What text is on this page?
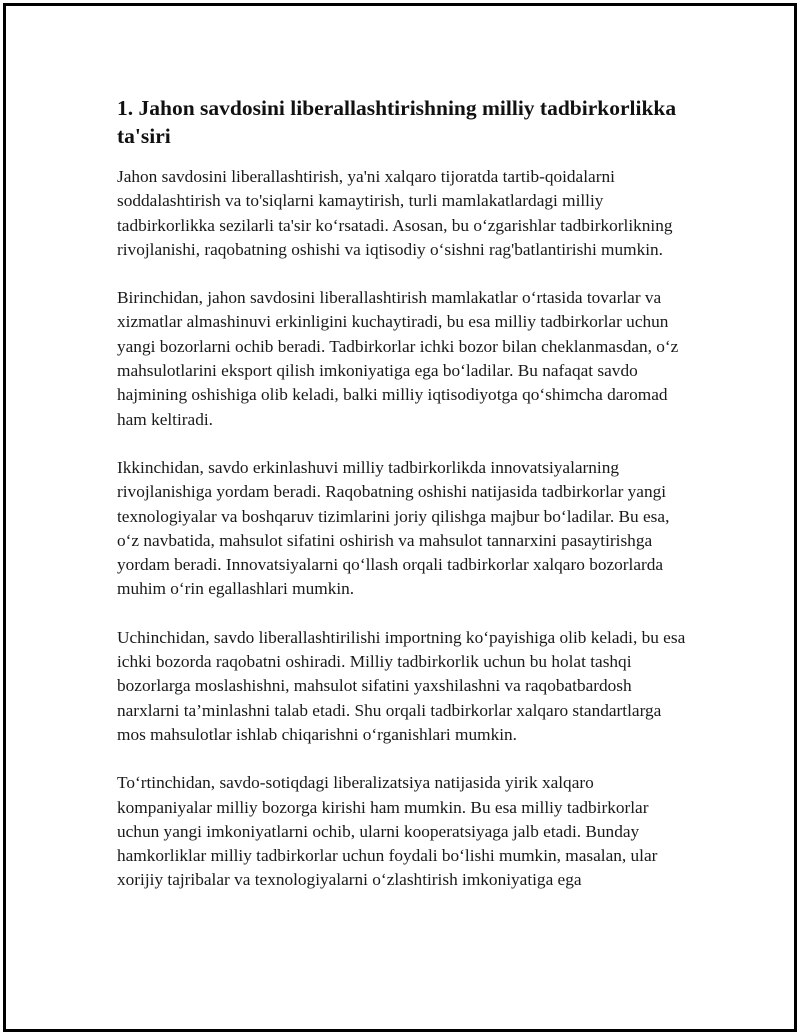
1. Jahon savdosini liberallashtirishning milliy tadbirkorlikka ta'siri

Jahon savdosini liberallashtirish, ya'ni xalqaro tijoratda tartib-qoidalarni soddalashtirish va to'siqlarni kamaytirish, turli mamlakatlardagi milliy tadbirkorlikka sezilarli ta'sir ko‘rsatadi. Asosan, bu o‘zgarishlar tadbirkorlikning rivojlanishi, raqobatning oshishi va iqtisodiy o‘sishni rag'batlantirishi mumkin.

Birinchidan, jahon savdosini liberallashtirish mamlakatlar o‘rtasida tovarlar va xizmatlar almashinuvi erkinligini kuchaytiradi, bu esa milliy tadbirkorlar uchun yangi bozorlarni ochib beradi. Tadbirkorlar ichki bozor bilan cheklanmasdan, o‘z mahsulotlarini eksport qilish imkoniyatiga ega bo‘ladilar. Bu nafaqat savdo hajmining oshishiga olib keladi, balki milliy iqtisodiyotga qo‘shimcha daromad ham keltiradi.

Ikkinchidan, savdo erkinlashuvi milliy tadbirkorlikda innovatsiyalarning rivojlanishiga yordam beradi. Raqobatning oshishi natijasida tadbirkorlar yangi texnologiyalar va boshqaruv tizimlarini joriy qilishga majbur bo‘ladilar. Bu esa, o‘z navbatida, mahsulot sifatini oshirish va mahsulot tannarxini pasaytirishga yordam beradi. Innovatsiyalarni qo‘llash orqali tadbirkorlar xalqaro bozorlarda muhim o‘rin egallashlari mumkin.

Uchinchidan, savdo liberallashtirilishi importning ko‘payishiga olib keladi, bu esa ichki bozorda raqobatni oshiradi. Milliy tadbirkorlik uchun bu holat tashqi bozorlarga moslashishni, mahsulot sifatini yaxshilashni va raqobatbardosh narxlarni ta’minlashni talab etadi. Shu orqali tadbirkorlar xalqaro standartlarga mos mahsulotlar ishlab chiqarishni o‘rganishlari mumkin.

To‘rtinchidan, savdo-sotiqdagi liberalizatsiya natijasida yirik xalqaro kompaniyalar milliy bozorga kirishi ham mumkin. Bu esa milliy tadbirkorlar uchun yangi imkoniyatlarni ochib, ularni kooperatsiyaga jalb etadi. Bunday hamkorliklar milliy tadbirkorlar uchun foydali bo‘lishi mumkin, masalan, ular xorijiy tajribalar va texnologiyalarni o‘zlashtirish imkoniyatiga ega
